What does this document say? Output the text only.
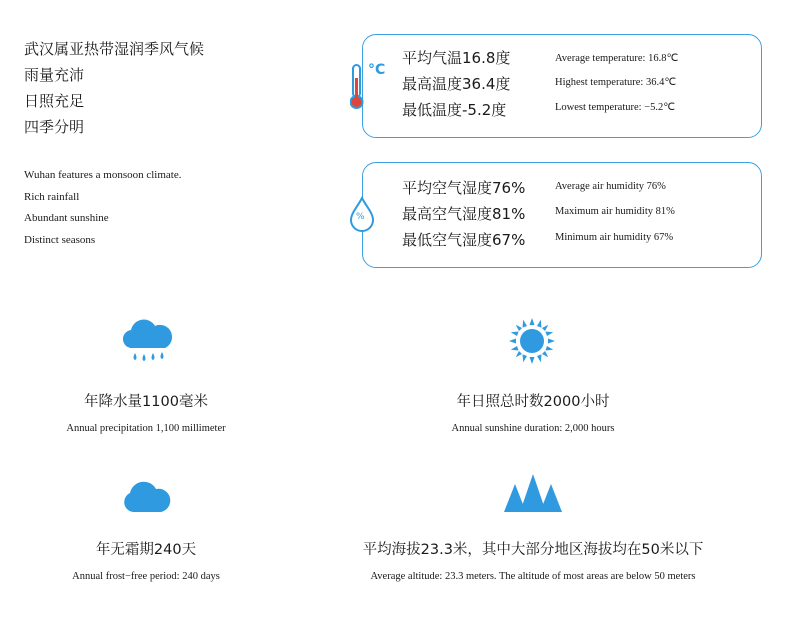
武汉属亚热带湿润季风气候
雨量充沛
日照充足
四季分明
Wuhan features a monsoon climate.
Rich rainfall
Abundant sunshine
Distinct seasons
°C
平均气温16.8度
最高温度36.4度
最低温度-5.2度
Average temperature: 16.8℃
Highest temperature: 36.4℃
Lowest temperature: −5.2℃
%
平均空气湿度76%
最高空气湿度81%
最低空气湿度67%
Average air humidity 76%
Maximum air humidity 81%
Minimum air humidity 67%
年降水量1100毫米
Annual precipitation 1,100 millimeter
年日照总时数2000小时
Annual sunshine duration: 2,000 hours
年无霜期240天
Annual frost−free period: 240 days
平均海拔23.3米，其中大部分地区海拔均在50米以下
Average altitude: 23.3 meters. The altitude of most areas are below 50 meters
